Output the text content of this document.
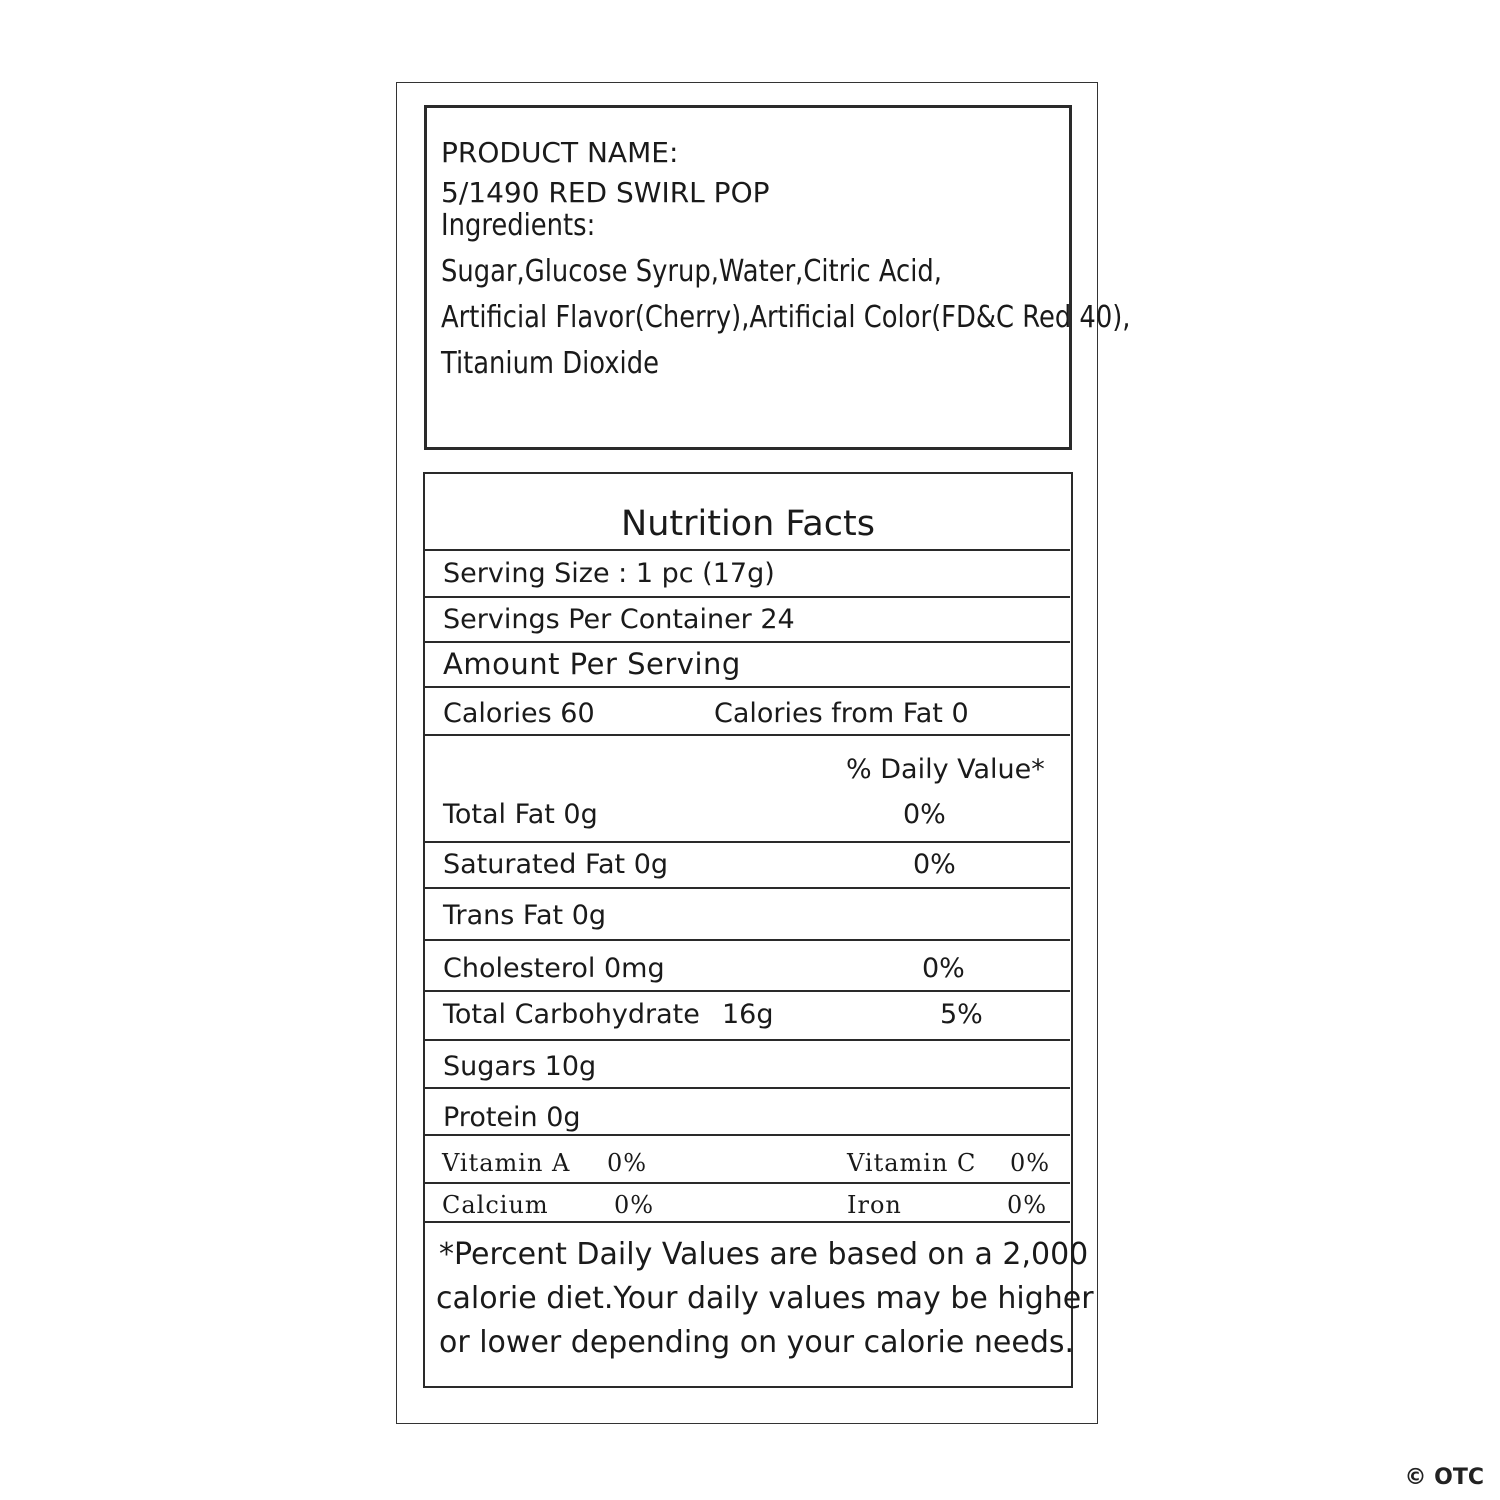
PRODUCT NAME:
5/1490 RED SWIRL POP
Ingredients:
Sugar,Glucose Syrup,Water,Citric Acid,
Artificial Flavor(Cherry),Artificial Color(FD&C Red 40),
Titanium Dioxide
Nutrition Facts
Serving Size : 1 pc (17g)
Servings Per Container 24
Amount Per Serving
Calories 60	Calories from Fat 0
% Daily Value*
Total Fat 0g	0%
Saturated Fat 0g	0%
Trans Fat 0g
Cholesterol 0mg	0%
Total Carbohydrate 16g	5%
Sugars 10g
Protein 0g
Vitamin A 0%	Vitamin C 0%
Calcium	0%	Iron	0%
*Percent Daily Values are based on a 2,000
calorie diet.Your daily values may be higher
or lower depending on your calorie needs.
© OTC
